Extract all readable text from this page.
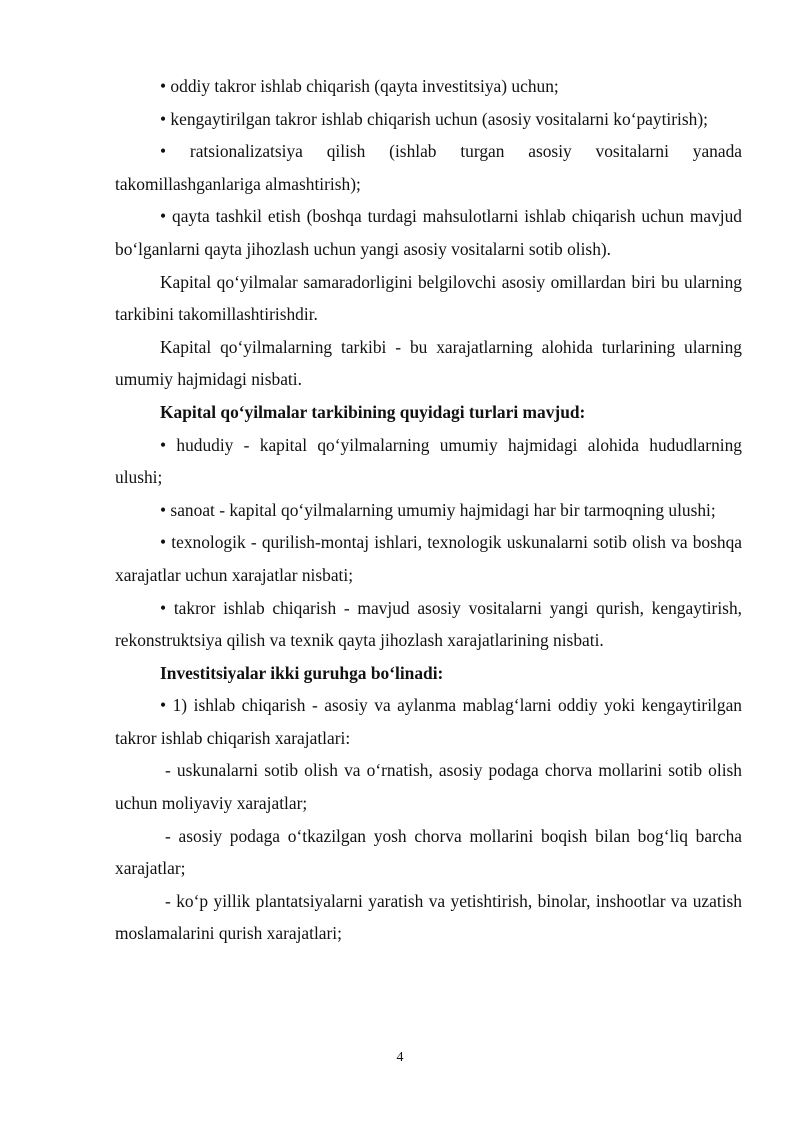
• oddiy takror ishlab chiqarish (qayta investitsiya) uchun;

• kengaytirilgan takror ishlab chiqarish uchun (asosiy vositalarni ko‘paytirish);

• ratsionalizatsiya qilish (ishlab turgan asosiy vositalarni yanada takomillashganlariga almashtirish);

• qayta tashkil etish (boshqa turdagi mahsulotlarni ishlab chiqarish uchun mavjud bo‘lganlarni qayta jihozlash uchun yangi asosiy vositalarni sotib olish).

Kapital qo‘yilmalar samaradorligini belgilovchi asosiy omillardan biri bu ularning tarkibini takomillashtirishdir.

Kapital qo‘yilmalarning tarkibi - bu xarajatlarning alohida turlarining ularning umumiy hajmidagi nisbati.

Kapital qo‘yilmalar tarkibining quyidagi turlari mavjud:

• hududiy - kapital qo‘yilmalarning umumiy hajmidagi alohida hududlarning ulushi;

• sanoat - kapital qo‘yilmalarning umumiy hajmidagi har bir tarmoqning ulushi;

• texnologik - qurilish-montaj ishlari, texnologik uskunalarni sotib olish va boshqa xarajatlar uchun xarajatlar nisbati;

• takror ishlab chiqarish - mavjud asosiy vositalarni yangi qurish, kengaytirish, rekonstruktsiya qilish va texnik qayta jihozlash xarajatlarining nisbati.

Investitsiyalar ikki guruhga bo‘linadi:

• 1) ishlab chiqarish - asosiy va aylanma mablag‘larni oddiy yoki kengaytirilgan takror ishlab chiqarish xarajatlari:

- uskunalarni sotib olish va o‘rnatish, asosiy podaga chorva mollarini sotib olish uchun moliyaviy xarajatlar;

- asosiy podaga o‘tkazilgan yosh chorva mollarini boqish bilan bog‘liq barcha xarajatlar;

- ko‘p yillik plantatsiyalarni yaratish va yetishtirish, binolar, inshootlar va uzatish moslamalarini qurish xarajatlari;

4
